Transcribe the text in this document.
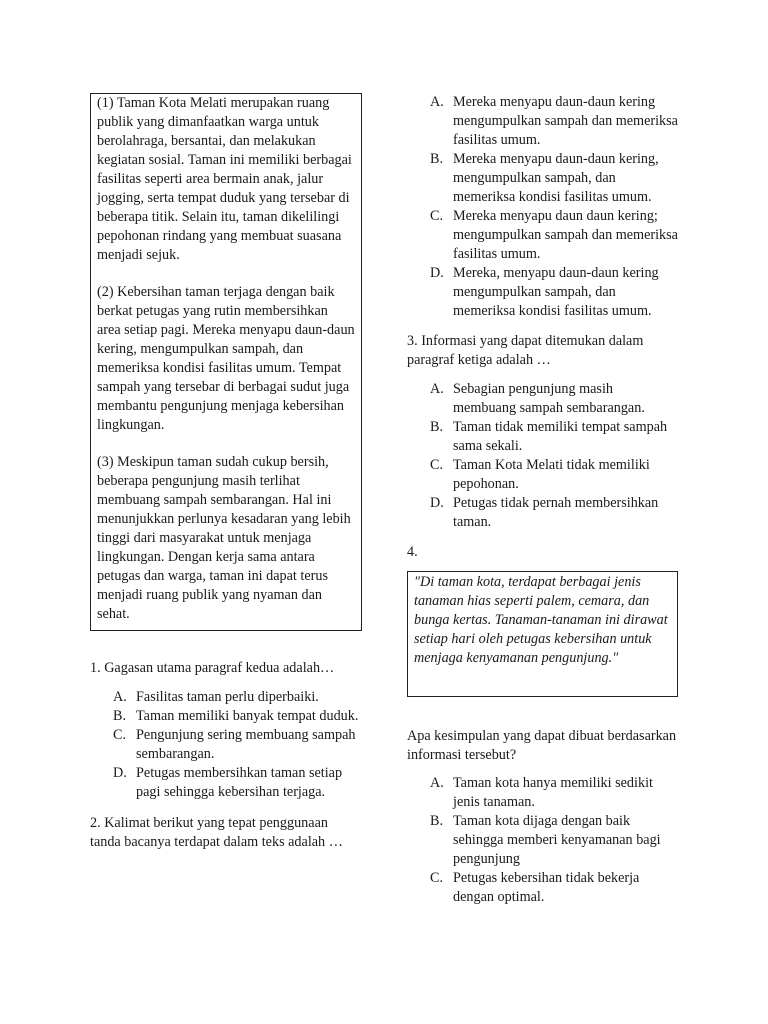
(1) Taman Kota Melati merupakan ruang publik yang dimanfaatkan warga untuk berolahraga, bersantai, dan melakukan kegiatan sosial. Taman ini memiliki berbagai fasilitas seperti area bermain anak, jalur jogging, serta tempat duduk yang tersebar di beberapa titik. Selain itu, taman dikelilingi pepohonan rindang yang membuat suasana menjadi sejuk.

(2) Kebersihan taman terjaga dengan baik berkat petugas yang rutin membersihkan area setiap pagi. Mereka menyapu daun-daun kering, mengumpulkan sampah, dan memeriksa kondisi fasilitas umum. Tempat sampah yang tersebar di berbagai sudut juga membantu pengunjung menjaga kebersihan lingkungan.

(3) Meskipun taman sudah cukup bersih, beberapa pengunjung masih terlihat membuang sampah sembarangan. Hal ini menunjukkan perlunya kesadaran yang lebih tinggi dari masyarakat untuk menjaga lingkungan. Dengan kerja sama antara petugas dan warga, taman ini dapat terus menjadi ruang publik yang nyaman dan sehat.

1. Gagasan utama paragraf kedua adalah…

A. Fasilitas taman perlu diperbaiki.
B. Taman memiliki banyak tempat duduk.
C. Pengunjung sering membuang sampah sembarangan.
D. Petugas membersihkan taman setiap pagi sehingga kebersihan terjaga.

2. Kalimat berikut yang tepat penggunaan tanda bacanya terdapat dalam teks adalah …

A. Mereka menyapu daun-daun kering mengumpulkan sampah dan memeriksa fasilitas umum.
B. Mereka menyapu daun-daun kering, mengumpulkan sampah, dan memeriksa kondisi fasilitas umum.
C. Mereka menyapu daun daun kering; mengumpulkan sampah dan memeriksa fasilitas umum.
D. Mereka, menyapu daun-daun kering mengumpulkan sampah, dan memeriksa kondisi fasilitas umum.

3. Informasi yang dapat ditemukan dalam paragraf ketiga adalah …

A. Sebagian pengunjung masih membuang sampah sembarangan.
B. Taman tidak memiliki tempat sampah sama sekali.
C. Taman Kota Melati tidak memiliki pepohonan.
D. Petugas tidak pernah membersihkan taman.

4.

"Di taman kota, terdapat berbagai jenis tanaman hias seperti palem, cemara, dan bunga kertas. Tanaman-tanaman ini dirawat setiap hari oleh petugas kebersihan untuk menjaga kenyamanan pengunjung."

Apa kesimpulan yang dapat dibuat berdasarkan informasi tersebut?

A. Taman kota hanya memiliki sedikit jenis tanaman.
B. Taman kota dijaga dengan baik sehingga memberi kenyamanan bagi pengunjung
C. Petugas kebersihan tidak bekerja dengan optimal.
